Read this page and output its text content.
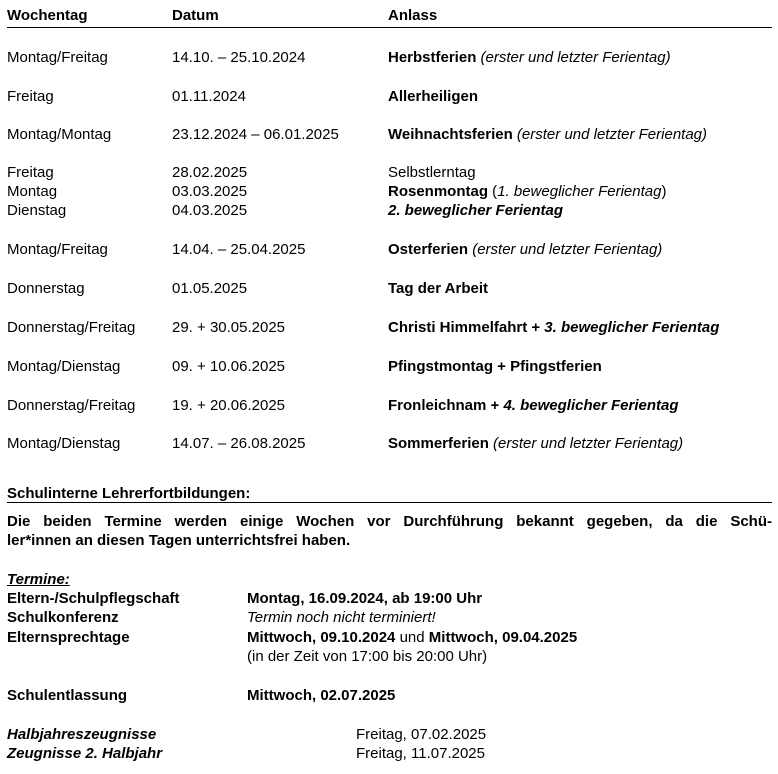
Wochentag	Datum	Anlass
Montag/Freitag	14.10. – 25.10.2024	Herbstferien (erster und letzter Ferientag)
Freitag	01.11.2024	Allerheiligen
Montag/Montag	23.12.2024 – 06.01.2025	Weihnachtsferien (erster und letzter Ferientag)
Freitag	28.02.2025	Selbstlerntag
Montag	03.03.2025	Rosenmontag (1. beweglicher Ferientag)
Dienstag	04.03.2025	2. beweglicher Ferientag
Montag/Freitag	14.04. – 25.04.2025	Osterferien (erster und letzter Ferientag)
Donnerstag	01.05.2025	Tag der Arbeit
Donnerstag/Freitag 29. + 30.05.2025	Christi Himmelfahrt + 3. beweglicher Ferientag
Montag/Dienstag	09. + 10.06.2025	Pfingstmontag + Pfingstferien
Donnerstag/Freitag 19. + 20.06.2025	Fronleichnam + 4. beweglicher Ferientag
Montag/Dienstag	14.07. – 26.08.2025	Sommerferien (erster und letzter Ferientag)
Schulinterne Lehrerfortbildungen:
Die beiden Termine werden einige Wochen vor Durchführung bekannt gegeben, da die Schü-
ler*innen an diesen Tagen unterrichtsfrei haben.
Termine:
Eltern-/Schulpflegschaft	Montag, 16.09.2024, ab 19:00 Uhr
Schulkonferenz	Termin noch nicht terminiert!
Elternsprechtage	Mittwoch, 09.10.2024 und Mittwoch, 09.04.2025
(in der Zeit von 17:00 bis 20:00 Uhr)
Schulentlassung	Mittwoch, 02.07.2025
Halbjahreszeugnisse	Freitag, 07.02.2025
Zeugnisse 2. Halbjahr	Freitag, 11.07.2025
